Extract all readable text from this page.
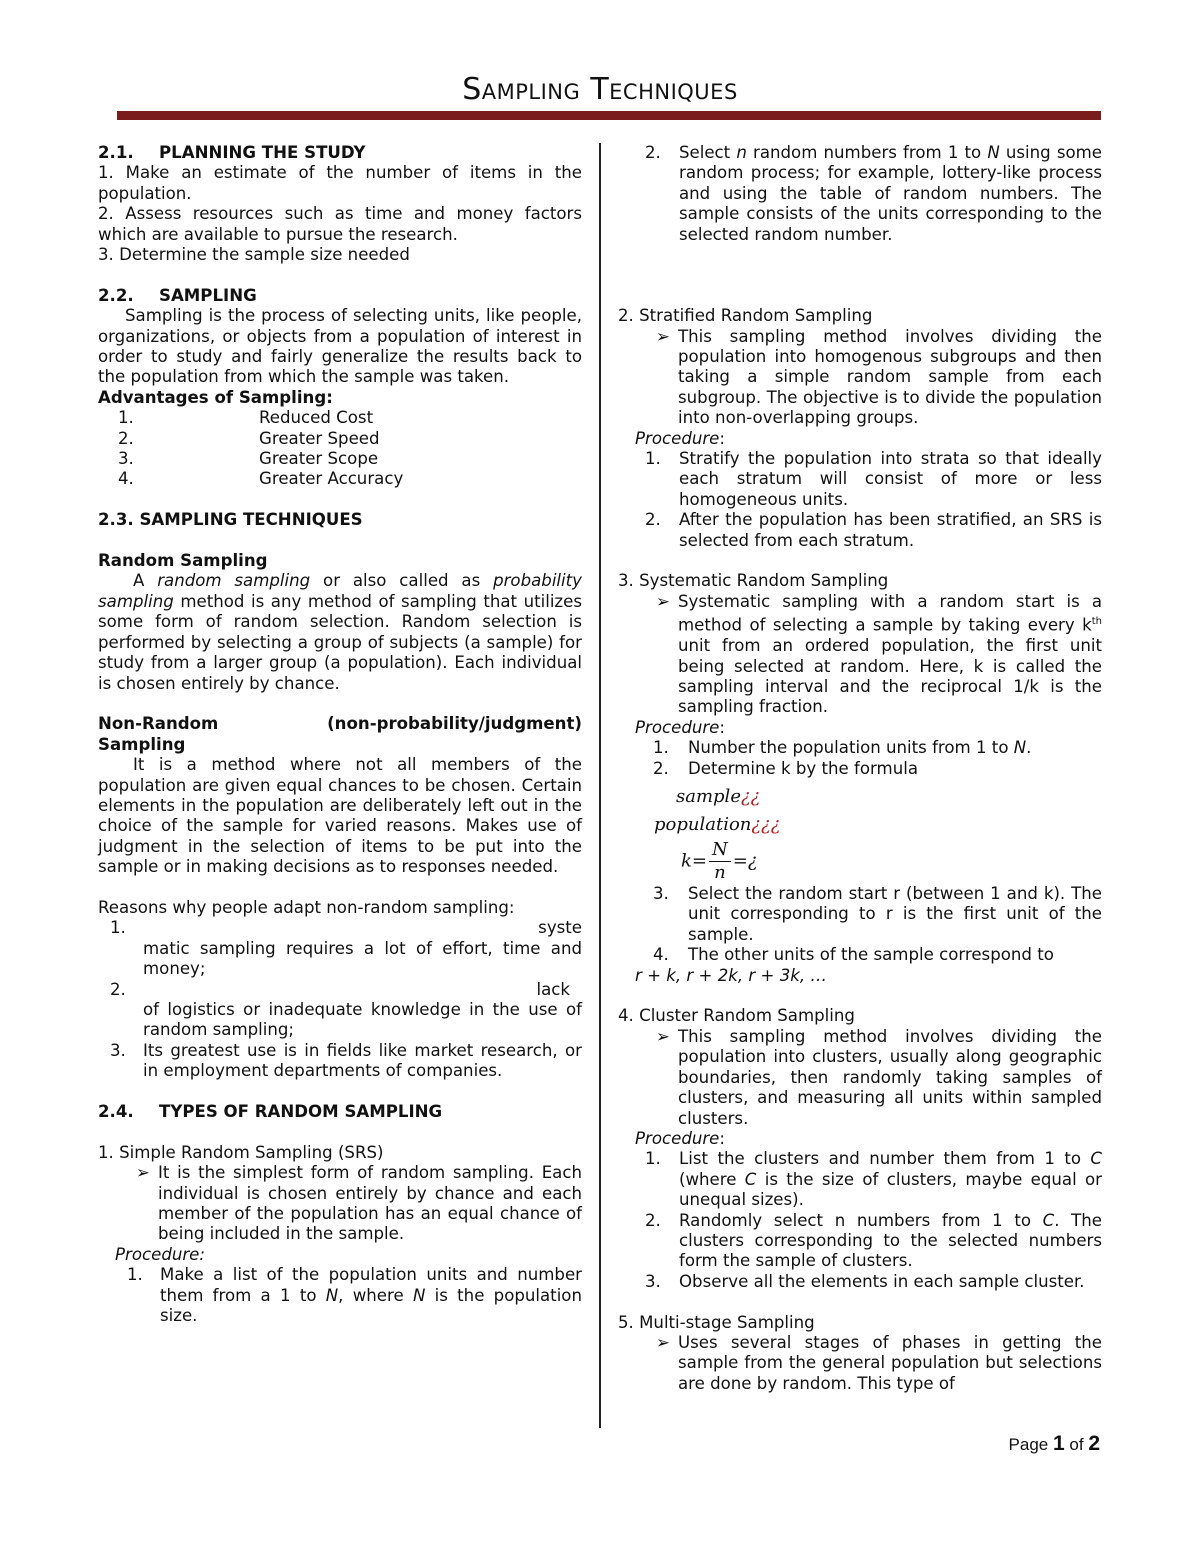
Sampling Techniques

2.1. PLANNING THE STUDY

1. Make an estimate of the number of items in the population.

2. Assess resources such as time and money factors which are available to pursue the research.

3. Determine the sample size needed

2.2. SAMPLING

Sampling is the process of selecting units, like people, organizations, or objects from a population of interest in order to study and fairly generalize the results back to the population from which the sample was taken.

Advantages of Sampling:

1.	Reduced Cost
2.	Greater Speed
3.	Greater Scope
4.	Greater Accuracy

2.3. SAMPLING TECHNIQUES

Random Sampling

A random sampling or also called as probability sampling method is any method of sampling that utilizes some form of random selection. Random selection is performed by selecting a group of subjects (a sample) for study from a larger group (a population). Each individual is chosen entirely by chance.

Non-Random	(non-probability/judgment)

Sampling

It is a method where not all members of the population are given equal chances to be chosen. Certain elements in the population are deliberately left out in the choice of the sample for varied reasons. Makes use of judgment in the selection of items to be put into the sample or in making decisions as to responses needed.

Reasons why people adapt non-random sampling:

1.	syste
matic sampling requires a lot of effort, time and money;
2.	lack
of logistics or inadequate knowledge in the use of random sampling;
3.	Its greatest use is in fields like market research, or in employment departments of companies.

2.4. TYPES OF RANDOM SAMPLING

1. Simple Random Sampling (SRS)

➢ It is the simplest form of random sampling. Each individual is chosen entirely by chance and each member of the population has an equal chance of being included in the sample.

Procedure:

1.	Make a list of the population units and number them from a 1 to N, where N is the population size.
2.	Select n random numbers from 1 to N using some random process; for example, lottery-like process and using the table of random numbers. The sample consists of the units corresponding to the selected random number.

2. Stratified Random Sampling

➢ This sampling method involves dividing the population into homogenous subgroups and then taking a simple random sample from each subgroup. The objective is to divide the population into non-overlapping groups.

Procedure:

1.	Stratify the population into strata so that ideally each stratum will consist of more or less homogeneous units.
2.	After the population has been stratified, an SRS is selected from each stratum.

3. Systematic Random Sampling

➢ Systematic sampling with a random start is a method of selecting a sample by taking every $k^{th}$ unit from an ordered population, the first unit being selected at random. Here, k is called the sampling interval and the reciprocal 1/k is the sampling fraction.

Procedure:

1.	Number the population units from 1 to N.
2.	Determine k by the formula
sample¿¿
population¿¿¿
$k= \frac{N}{n}$ =¿
3.	Select the random start r (between 1 and k). The unit corresponding to r is the first unit of the sample.
4.	The other units of the sample correspond to

r + k, r + 2k, r + 3k, …

4. Cluster Random Sampling

➢ This sampling method involves dividing the population into clusters, usually along geographic boundaries, then randomly taking samples of clusters, and measuring all units within sampled clusters.

Procedure:

1.	List the clusters and number them from 1 to C (where C is the size of clusters, maybe equal or unequal sizes).
2.	Randomly select n numbers from 1 to C. The clusters corresponding to the selected numbers form the sample of clusters.
3.	Observe all the elements in each sample cluster.

5. Multi-stage Sampling

➢ Uses several stages of phases in getting the sample from the general population but selections are done by random. This type of
Page 1 of 2
